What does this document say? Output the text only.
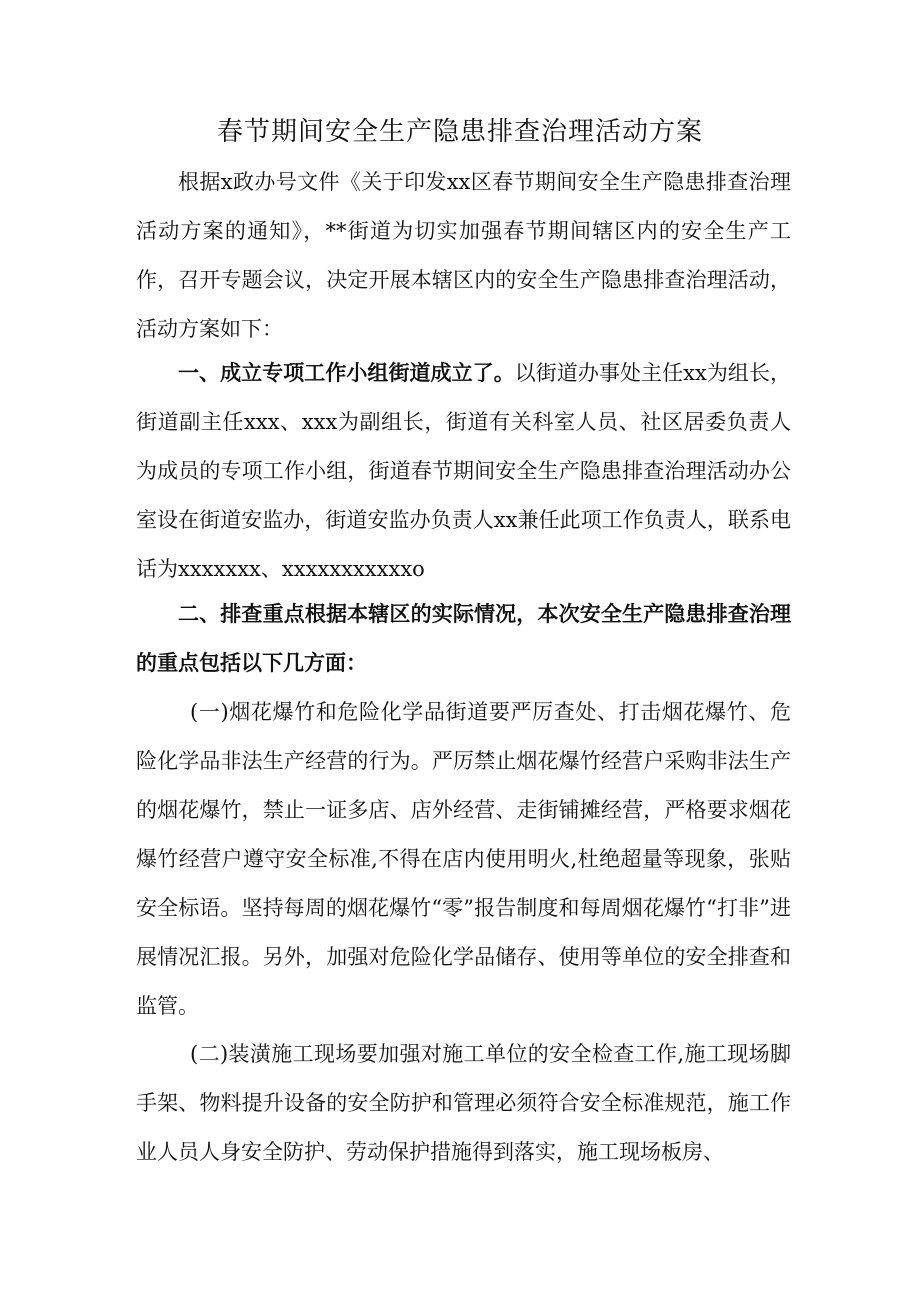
春节期间安全生产隐患排查治理活动方案

根据x政办号文件《关于印发xx区春节期间安全生产隐患排查治理活动方案的通知》，**街道为切实加强春节期间辖区内的安全生产工作，召开专题会议，决定开展本辖区内的安全生产隐患排查治理活动，活动方案如下：

一、成立专项工作小组街道成立了。以街道办事处主任xx为组长，街道副主任xxx、xxx为副组长，街道有关科室人员、社区居委负责人为成员的专项工作小组，街道春节期间安全生产隐患排查治理活动办公室设在街道安监办，街道安监办负责人xx兼任此项工作负责人，联系电话为xxxxxxx、xxxxxxxxxxxo

二、排查重点根据本辖区的实际情况，本次安全生产隐患排查治理的重点包括以下几方面：

(一)烟花爆竹和危险化学品街道要严厉查处、打击烟花爆竹、危险化学品非法生产经营的行为。严厉禁止烟花爆竹经营户采购非法生产的烟花爆竹，禁止一证多店、店外经营、走街铺摊经营，严格要求烟花爆竹经营户遵守安全标准,不得在店内使用明火,杜绝超量等现象，张贴安全标语。坚持每周的烟花爆竹“零”报告制度和每周烟花爆竹“打非”进展情况汇报。另外，加强对危险化学品储存、使用等单位的安全排查和监管。

(二)装潢施工现场要加强对施工单位的安全检查工作,施工现场脚手架、物料提升设备的安全防护和管理必须符合安全标准规范，施工作业人员人身安全防护、劳动保护措施得到落实，施工现场板房、
